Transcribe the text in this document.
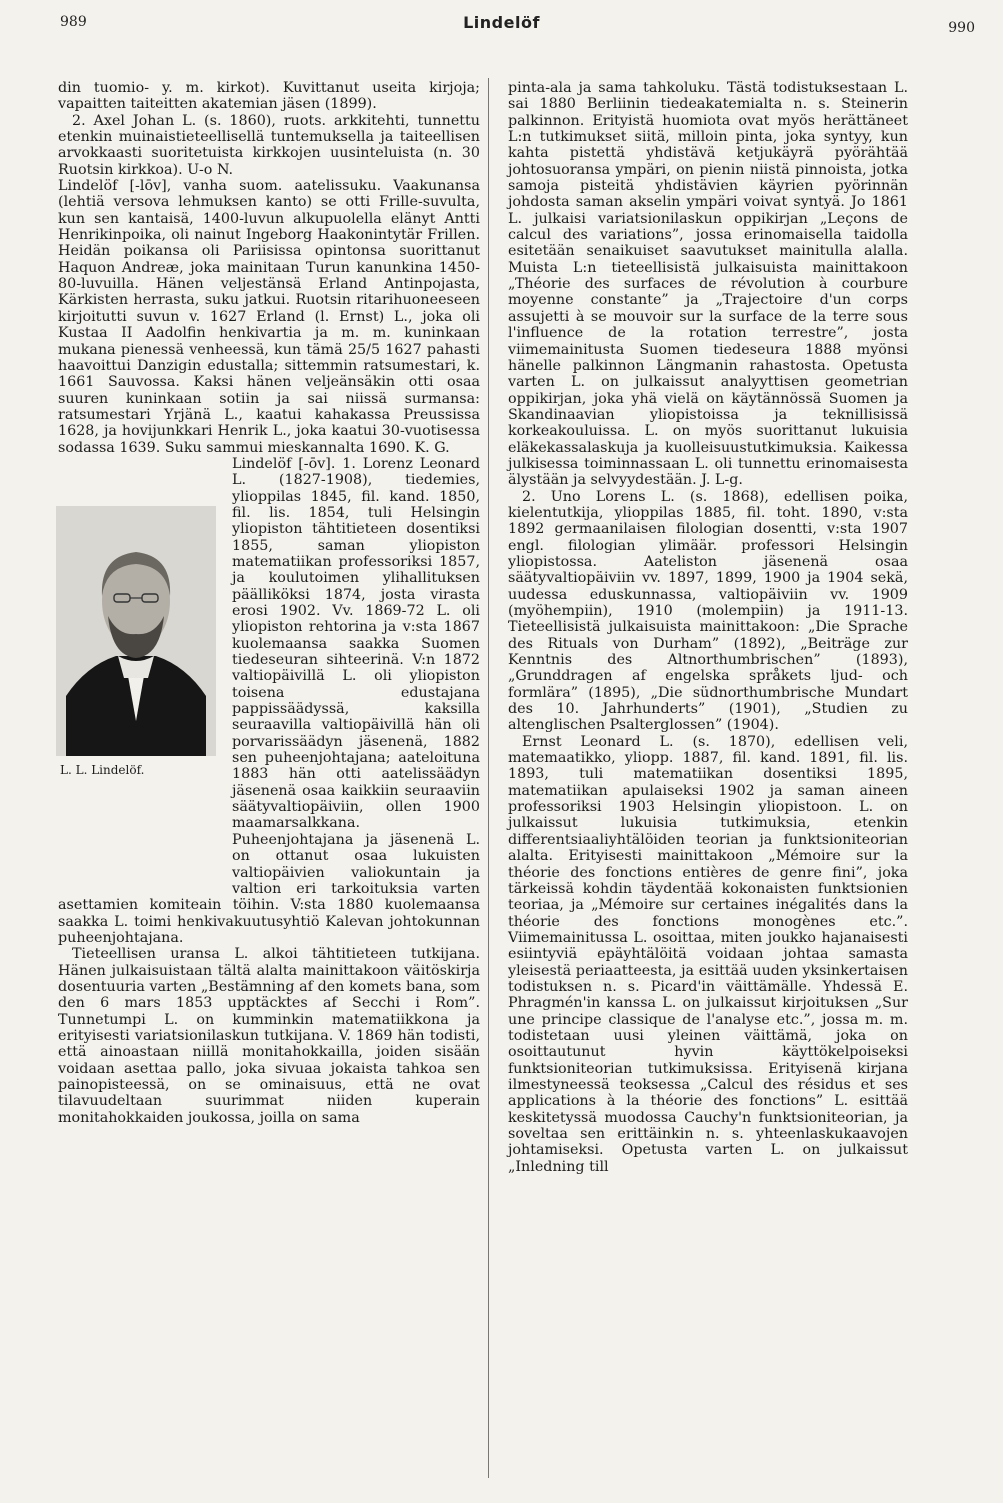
989	Lindelöf	990

din tuomio- y. m. kirkot). Kuvittanut useita kirjoja; vapaitten taiteitten akatemian jäsen (1899).

2. Axel Johan L. (s. 1860), ruots. arkkitehti, tunnettu etenkin muinaistieteellisellä tuntemuksella ja taiteellisen arvokkaasti suoritetuista kirkkojen uusinteluista (n. 30 Ruotsin kirkkoa). U-o N.

Lindelöf [-lōv], vanha suom. aatelissuku. Vaakunansa (lehtiä versova lehmuksen kanto) se otti Frille-suvulta, kun sen kantaisä, 1400-luvun alkupuolella elänyt Antti Henrikinpoika, oli nainut Ingeborg Haakonintytär Frillen. Heidän poikansa oli Pariisissa opintonsa suorittanut Haquon Andreæ, joka mainitaan Turun kanunkina 1450-80-luvuilla. Hänen veljestänsä Erland Antinpojasta, Kärkisten herrasta, suku jatkui. Ruotsin ritarihuoneeseen kirjoitutti suvun v. 1627 Erland (l. Ernst) L., joka oli Kustaa II Aadolfin henkivartia ja m. m. kuninkaan mukana pienessä venheessä, kun tämä 25/5 1627 pahasti haavoittui Danzigin edustalla; sittemmin ratsumestari, k. 1661 Sauvossa. Kaksi hänen veljeänsäkin otti osaa suuren kuninkaan sotiin ja sai niissä surmansa: ratsumestari Yrjänä L., kaatui kahakassa Preussissa 1628, ja hovijunkkari Henrik L., joka kaatui 30-vuotisessa sodassa 1639. Suku sammui mieskannalta 1690. K. G.

L. L. Lindelöf.

Lindelöf [-ōv]. 1. Lorenz Leonard L. (1827-1908), tiedemies, ylioppilas 1845, fil. kand. 1850, fil. lis. 1854, tuli Helsingin yliopiston tähtitieteen dosentiksi 1855, saman yliopiston matematiikan professoriksi 1857, ja koulutoimen ylihallituksen päälliköksi 1874, josta virasta erosi 1902. Vv. 1869-72 L. oli yliopiston rehtorina ja v:sta 1867 kuolemaansa saakka Suomen tiedeseuran sihteerinä. V:n 1872 valtiopäivillä L. oli yliopiston toisena edustajana pappissäädyssä, kaksilla seuraavilla valtiopäivillä hän oli porvarissäädyn jäsenenä, 1882 sen puheenjohtajana; aateloituna 1883 hän otti aatelissäädyn jäsenenä osaa kaikkiin seuraaviin säätyvaltiopäiviin, ollen 1900 maamarsalkkana. Puheenjohtajana ja jäsenenä L. on ottanut osaa lukuisten valtiopäivien valiokuntain ja valtion eri tarkoituksia varten asettamien komiteain töihin. V:sta 1880 kuolemaansa saakka L. toimi henkivakuutusyhtiö Kalevan johtokunnan puheenjohtajana.

Tieteellisen uransa L. alkoi tähtitieteen tutkijana. Hänen julkaisuistaan tältä alalta mainittakoon väitöskirja dosentuuria varten „Bestämning af den komets bana, som den 6 mars 1853 upptäcktes af Secchi i Rom”. Tunnetumpi L. on kumminkin matematiikkona ja erityisesti variatsionilaskun tutkijana. V. 1869 hän todisti, että ainoastaan niillä monitahokkailla, joiden sisään voidaan asettaa pallo, joka sivuaa jokaista tahkoa sen painopisteessä, on se ominaisuus, että ne ovat tilavuudeltaan suurimmat niiden kuperain monitahokkaiden joukossa, joilla on sama

pinta-ala ja sama tahkoluku. Tästä todistuksestaan L. sai 1880 Berliinin tiedeakatemialta n. s. Steinerin palkinnon. Erityistä huomiota ovat myös herättäneet L:n tutkimukset siitä, milloin pinta, joka syntyy, kun kahta pistettä yhdistävä ketjukäyrä pyörähtää johtosuoransa ympäri, on pienin niistä pinnoista, jotka samoja pisteitä yhdistävien käyrien pyörinnän johdosta saman akselin ympäri voivat syntyä. Jo 1861 L. julkaisi variatsionilaskun oppikirjan „Leçons de calcul des variations”, jossa erinomaisella taidolla esitetään senaikuiset saavutukset mainitulla alalla. Muista L:n tieteellisistä julkaisuista mainittakoon „Théorie des surfaces de révolution à courbure moyenne constante” ja „Trajectoire d'un corps assujetti à se mouvoir sur la surface de la terre sous l'influence de la rotation terrestre”, josta viimemainitusta Suomen tiedeseura 1888 myönsi hänelle palkinnon Längmanin rahastosta. Opetusta varten L. on julkaissut analyyttisen geometrian oppikirjan, joka yhä vielä on käytännössä Suomen ja Skandinaavian yliopistoissa ja teknillisissä korkeakouluissa. L. on myös suorittanut lukuisia eläkekassalaskuja ja kuolleisuustutkimuksia. Kaikessa julkisessa toiminnassaan L. oli tunnettu erinomaisesta älystään ja selvyydestään. J. L-g.

2. Uno Lorens L. (s. 1868), edellisen poika, kielentutkija, ylioppilas 1885, fil. toht. 1890, v:sta 1892 germaanilaisen filologian dosentti, v:sta 1907 engl. filologian ylimäär. professori Helsingin yliopistossa. Aateliston jäsenenä osaa säätyvaltiopäiviin vv. 1897, 1899, 1900 ja 1904 sekä, uudessa eduskunnassa, valtiopäiviin vv. 1909 (myöhempiin), 1910 (molempiin) ja 1911-13. Tieteellisistä julkaisuista mainittakoon: „Die Sprache des Rituals von Durham” (1892), „Beiträge zur Kenntnis des Altnorthumbrischen” (1893), „Grunddragen af engelska språkets ljud- och formlära” (1895), „Die südnorthumbrische Mundart des 10. Jahrhunderts” (1901), „Studien zu altenglischen Psalterglossen” (1904).

Ernst Leonard L. (s. 1870), edellisen veli, matemaatikko, yliopp. 1887, fil. kand. 1891, fil. lis. 1893, tuli matematiikan dosentiksi 1895, matematiikan apulaiseksi 1902 ja saman aineen professoriksi 1903 Helsingin yliopistoon. L. on julkaissut lukuisia tutkimuksia, etenkin differentsiaaliyhtälöiden teorian ja funktsioniteorian alalta. Erityisesti mainittakoon „Mémoire sur la théorie des fonctions entières de genre fini”, joka tärkeissä kohdin täydentää kokonaisten funktsionien teoriaa, ja „Mémoire sur certaines inégalités dans la théorie des fonctions monogènes etc.”. Viimemainitussa L. osoittaa, miten joukko hajanaisesti esiintyviä epäyhtälöitä voidaan johtaa samasta yleisestä periaatteesta, ja esittää uuden yksinkertaisen todistuksen n. s. Picard'in väittämälle. Yhdessä E. Phragmén'in kanssa L. on julkaissut kirjoituksen „Sur une principe classique de l'analyse etc.”, jossa m. m. todistetaan uusi yleinen väittämä, joka on osoittautunut hyvin käyttökelpoiseksi funktsioniteorian tutkimuksissa. Erityisenä kirjana ilmestyneessä teoksessa „Calcul des résidus et ses applications à la théorie des fonctions” L. esittää keskitetyssä muodossa Cauchy'n funktsioniteorian, ja soveltaa sen erittäinkin n. s. yhteenlaskukaavojen johtamiseksi. Opetusta varten L. on julkaissut „Inledning till
